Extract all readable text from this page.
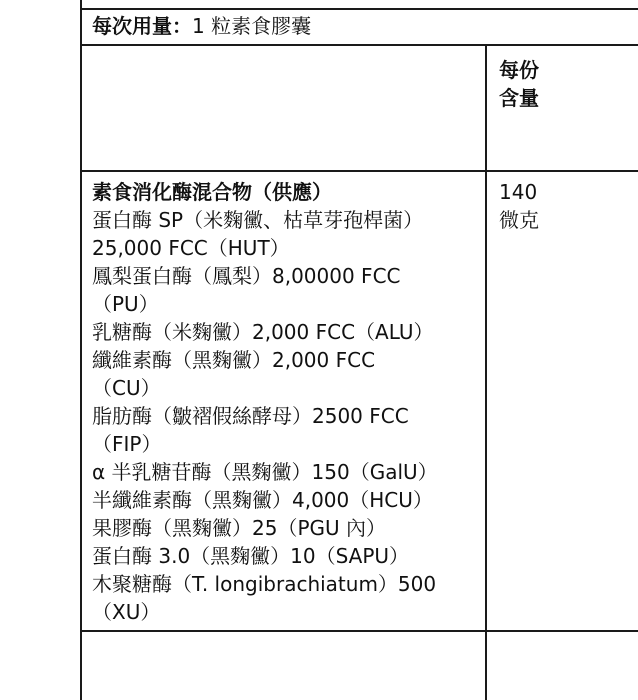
每次用量：1 粒素食膠囊
每份
含量
素食消化酶混合物（供應）
蛋白酶 SP（米麴黴、枯草芽孢桿菌）
25,000 FCC（HUT）
鳳梨蛋白酶（鳳梨）8,00000 FCC
（PU）
乳糖酶（米麴黴）2,000 FCC（ALU）
纖維素酶（黑麴黴）2,000 FCC
（CU）
脂肪酶（皺褶假絲酵母）2500 FCC
（FIP）
α 半乳糖苷酶（黑麴黴）150（GalU）
半纖維素酶（黑麴黴）4,000（HCU）
果膠酶（黑麴黴）25（PGU 內）
蛋白酶 3.0（黑麴黴）10（SAPU）
木聚糖酶（T. longibrachiatum）500
（XU）
140
微克
